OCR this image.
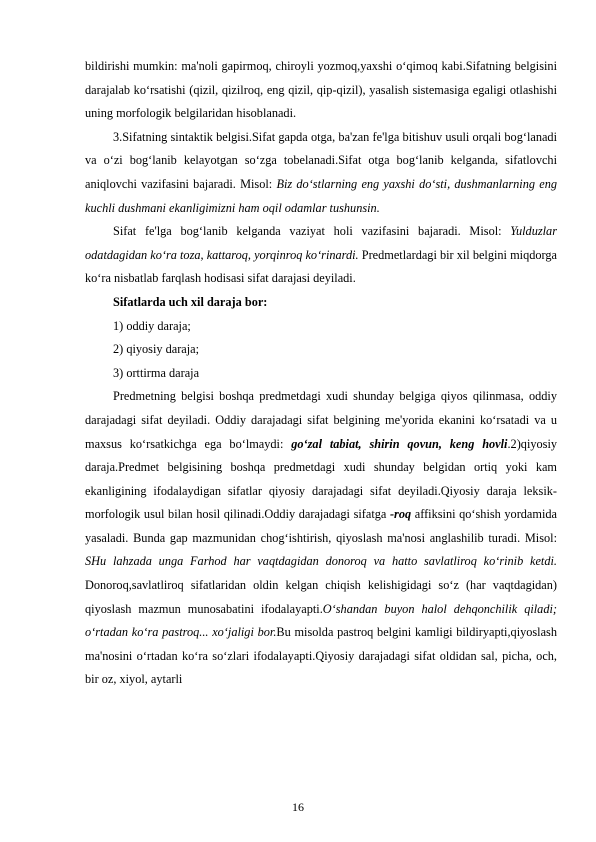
bildirishi mumkin: ma'noli gapirmoq, chiroyli yozmoq,yaxshi o‘qimoq kabi.Sifatning belgisini darajalab ko‘rsatishi (qizil, qizilroq, eng qizil, qip-qizil), yasalish sistemasiga egaligi otlashishi uning morfologik belgilaridan hisoblanadi.

3.Sifatning sintaktik belgisi.Sifat gapda otga, ba'zan fe'lga bitishuv usuli orqali bog‘lanadi va o‘zi bog‘lanib kelayotgan so‘zga tobelanadi.Sifat otga bog‘lanib kelganda, sifatlovchi aniqlovchi vazifasini bajaradi. Misol: Biz do‘stlarning eng yaxshi do‘sti, dushmanlarning eng kuchli dushmani ekanligimizni ham oqil odamlar tushunsin.

Sifat fe'lga bog‘lanib kelganda vaziyat holi vazifasini bajaradi. Misol: Yulduzlar odatdagidan ko‘ra toza, kattaroq, yorqinroq ko‘rinardi. Predmetlardagi bir xil belgini miqdorga ko‘ra nisbatlab farqlash hodisasi sifat darajasi deyiladi.

Sifatlarda uch xil daraja bor:

1) oddiy daraja;

2) qiyosiy daraja;

3) orttirma daraja

Predmetning belgisi boshqa predmetdagi xudi shunday belgiga qiyos qilinmasa, oddiy darajadagi sifat deyiladi. Oddiy darajadagi sifat belgining me'yorida ekanini ko‘rsatadi va u maxsus ko‘rsatkichga ega bo‘lmaydi: go‘zal tabiat, shirin qovun, keng hovli.2)qiyosiy daraja.Predmet belgisining boshqa predmetdagi xudi shunday belgidan ortiq yoki kam ekanligining ifodalaydigan sifatlar qiyosiy darajadagi sifat deyiladi.Qiyosiy daraja leksik-morfologik usul bilan hosil qilinadi.Oddiy darajadagi sifatga -roq affiksini qo‘shish yordamida yasaladi. Bunda gap mazmunidan chog‘ishtirish, qiyoslash ma'nosi anglashilib turadi. Misol: SHu lahzada unga Farhod har vaqtdagidan donoroq va hatto savlatliroq ko‘rinib ketdi. Donoroq,savlatliroq sifatlaridan oldin kelgan chiqish kelishigidagi so‘z (har vaqtdagidan) qiyoslash mazmun munosabatini ifodalayapti.O‘shandan buyon halol dehqonchilik qiladi; o‘rtadan ko‘ra pastroq... xo‘jaligi bor.Bu misolda pastroq belgini kamligi bildiryapti,qiyoslash ma'nosini o‘rtadan ko‘ra so‘zlari ifodalayapti.Qiyosiy darajadagi sifat oldidan sal, picha, och, bir oz, xiyol, aytarli

16
